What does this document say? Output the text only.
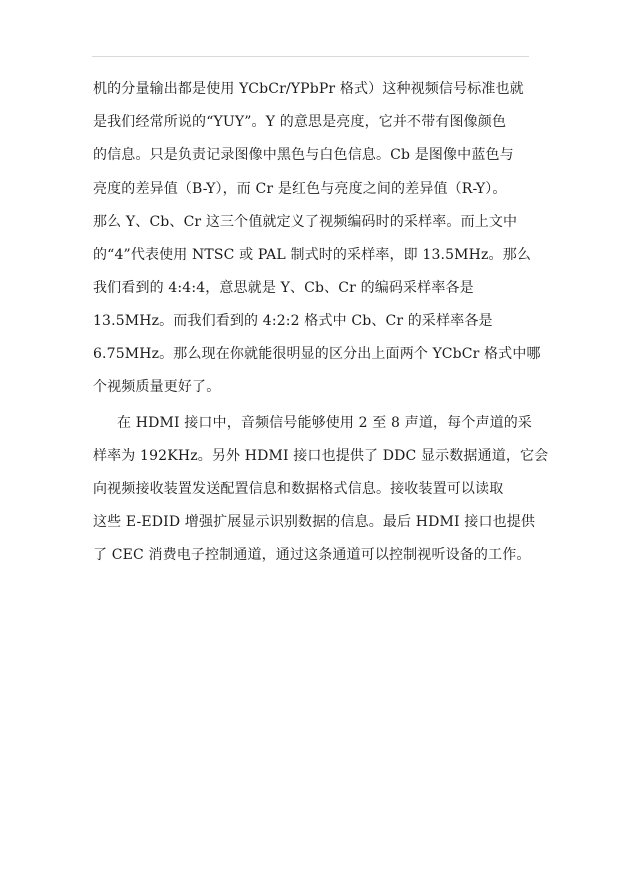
机的分量输出都是使用 YCbCr/YPbPr 格式）这种视频信号标准也就
是我们经常所说的“YUY”。Y 的意思是亮度，它并不带有图像颜色
的信息。只是负责记录图像中黑色与白色信息。Cb 是图像中蓝色与
亮度的差异值（B-Y），而 Cr 是红色与亮度之间的差异值（R-Y）。
那么 Y、Cb、Cr 这三个值就定义了视频编码时的采样率。而上文中
的“4”代表使用 NTSC 或 PAL 制式时的采样率，即 13.5MHz。那么
我们看到的 4:4:4，意思就是 Y、Cb、Cr 的编码采样率各是
13.5MHz。而我们看到的 4:2:2 格式中 Cb、Cr 的采样率各是
6.75MHz。那么现在你就能很明显的区分出上面两个 YCbCr 格式中哪
个视频质量更好了。
在 HDMI 接口中，音频信号能够使用 2 至 8 声道，每个声道的采
样率为 192KHz。另外 HDMI 接口也提供了 DDC 显示数据通道，它会
向视频接收装置发送配置信息和数据格式信息。接收装置可以读取
这些 E-EDID 增强扩展显示识别数据的信息。最后 HDMI 接口也提供
了 CEC 消费电子控制通道，通过这条通道可以控制视听设备的工作。
